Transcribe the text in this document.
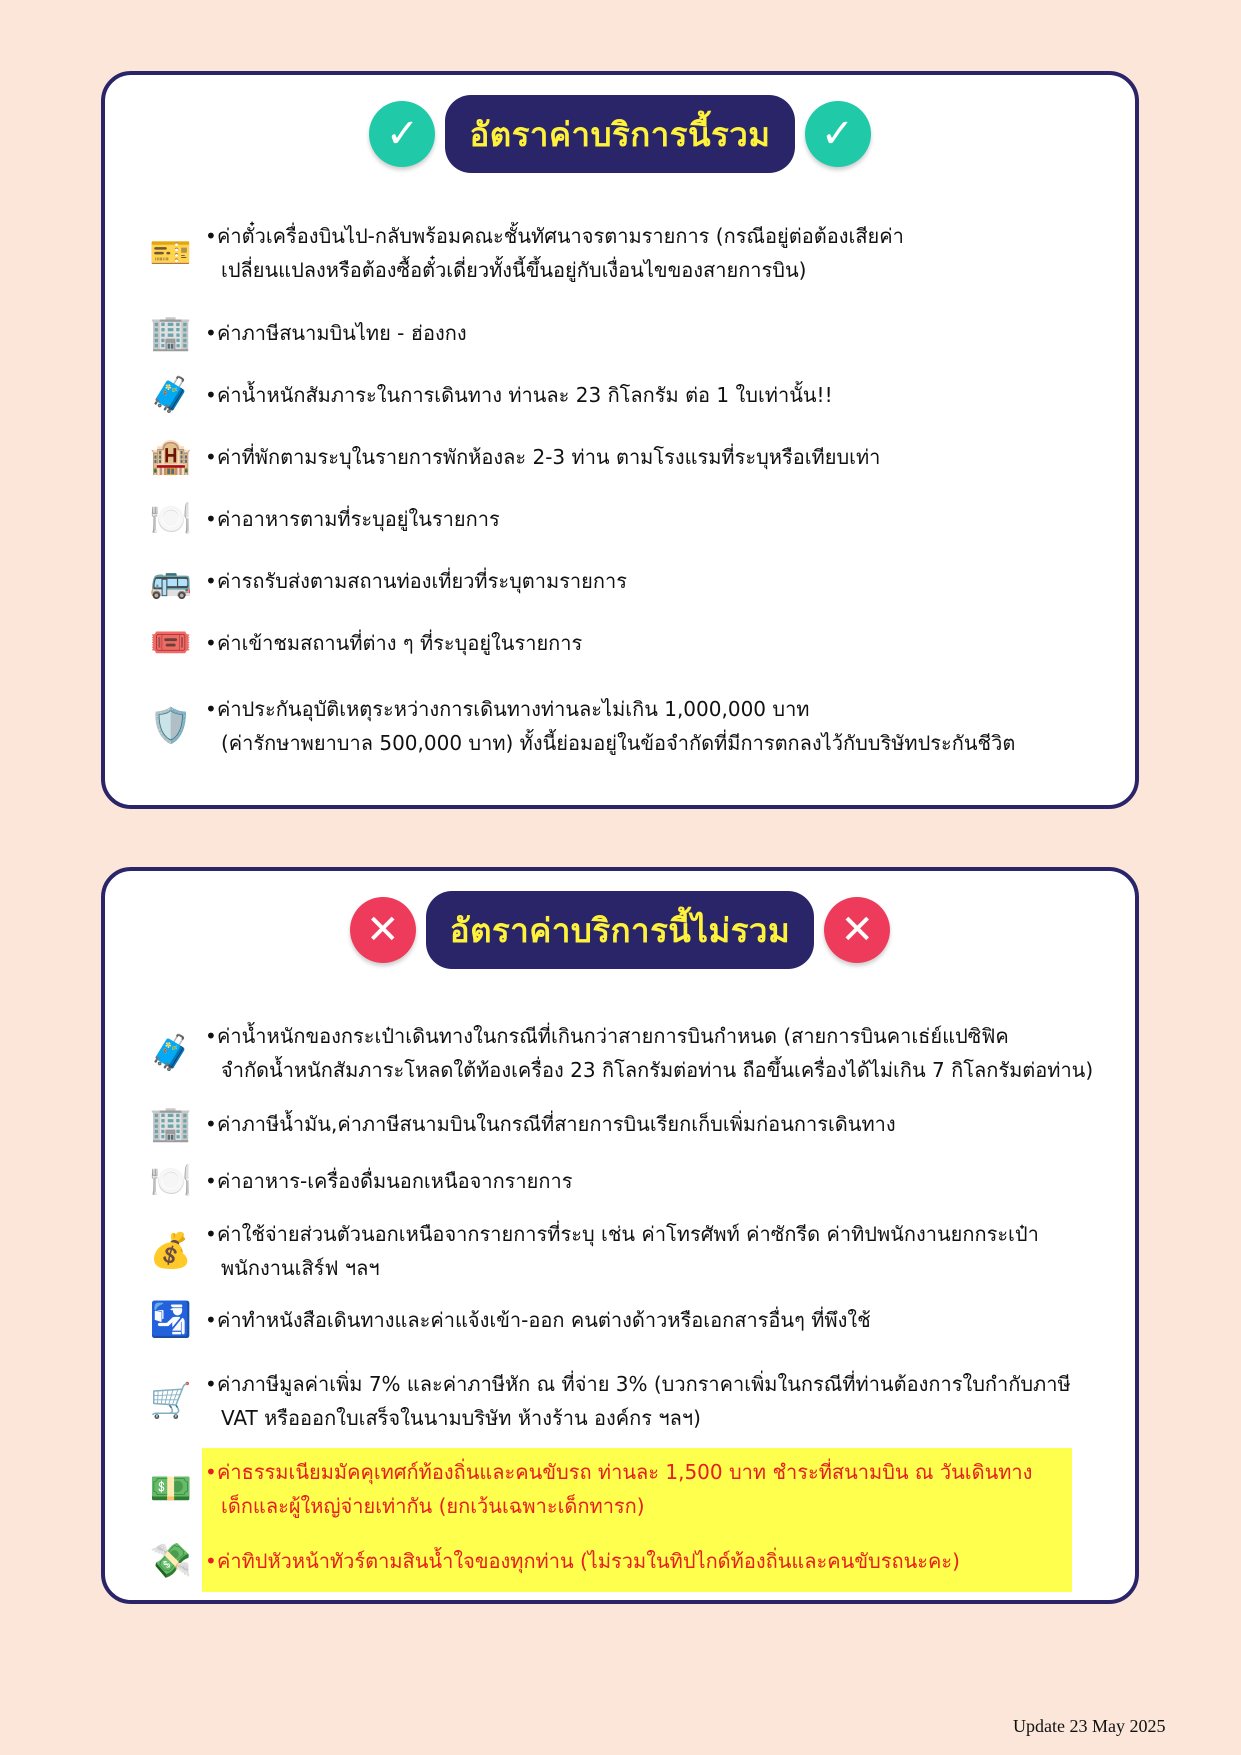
✓	อัตราค่าบริการนี้รวม	✓
🎫 •ค่าตั๋วเครื่องบินไป-กลับพร้อมคณะชั้นทัศนาจรตามรายการ (กรณีอยู่ต่อต้องเสียค่า
เปลี่ยนแปลงหรือต้องซื้อตั๋วเดี่ยวทั้งนี้ขึ้นอยู่กับเงื่อนไขของสายการบิน)
🏢 •ค่าภาษีสนามบินไทย - ฮ่องกง
🧳 •ค่าน้ำหนักสัมภาระในการเดินทาง ท่านละ 23 กิโลกรัม ต่อ 1 ใบเท่านั้น!!
🏨 •ค่าที่พักตามระบุในรายการพักห้องละ 2-3 ท่าน ตามโรงแรมที่ระบุหรือเทียบเท่า
🍽️ •ค่าอาหารตามที่ระบุอยู่ในรายการ
🚌 •ค่ารถรับส่งตามสถานท่องเที่ยวที่ระบุตามรายการ
🎟️ •ค่าเข้าชมสถานที่ต่าง ๆ ที่ระบุอยู่ในรายการ
🛡️ •ค่าประกันอุบัติเหตุระหว่างการเดินทางท่านละไม่เกิน 1,000,000 บาท
(ค่ารักษาพยาบาล 500,000 บาท) ทั้งนี้ย่อมอยู่ในข้อจำกัดที่มีการตกลงไว้กับบริษัทประกันชีวิต
✕	อัตราค่าบริการนี้ไม่รวม	✕
🧳 •ค่าน้ำหนักของกระเป๋าเดินทางในกรณีที่เกินกว่าสายการบินกำหนด (สายการบินคาเธ่ย์แปซิฟิค
จำกัดน้ำหนักสัมภาระโหลดใต้ท้องเครื่อง 23 กิโลกรัมต่อท่าน ถือขึ้นเครื่องได้ไม่เกิน 7 กิโลกรัมต่อท่าน)
🏢 •ค่าภาษีน้ำมัน,ค่าภาษีสนามบินในกรณีที่สายการบินเรียกเก็บเพิ่มก่อนการเดินทาง
🍽️ •ค่าอาหาร-เครื่องดื่มนอกเหนือจากรายการ
💰 •ค่าใช้จ่ายส่วนตัวนอกเหนือจากรายการที่ระบุ เช่น ค่าโทรศัพท์ ค่าซักรีด ค่าทิปพนักงานยกกระเป๋า
พนักงานเสิร์ฟ ฯลฯ
🛂 •ค่าทำหนังสือเดินทางและค่าแจ้งเข้า-ออก คนต่างด้าวหรือเอกสารอื่นๆ ที่พึงใช้
🛒 •ค่าภาษีมูลค่าเพิ่ม 7% และค่าภาษีหัก ณ ที่จ่าย 3% (บวกราคาเพิ่มในกรณีที่ท่านต้องการใบกำกับภาษี
VAT หรือออกใบเสร็จในนามบริษัท ห้างร้าน องค์กร ฯลฯ)
💵 •ค่าธรรมเนียมมัคคุเทศก์ท้องถิ่นและคนขับรถ ท่านละ 1,500 บาท ชำระที่สนามบิน ณ วันเดินทาง
เด็กและผู้ใหญ่จ่ายเท่ากัน (ยกเว้นเฉพาะเด็กทารก)
💸 •ค่าทิปหัวหน้าทัวร์ตามสินน้ำใจของทุกท่าน (ไม่รวมในทิปไกด์ท้องถิ่นและคนขับรถนะคะ)
Update 23 May 2025
